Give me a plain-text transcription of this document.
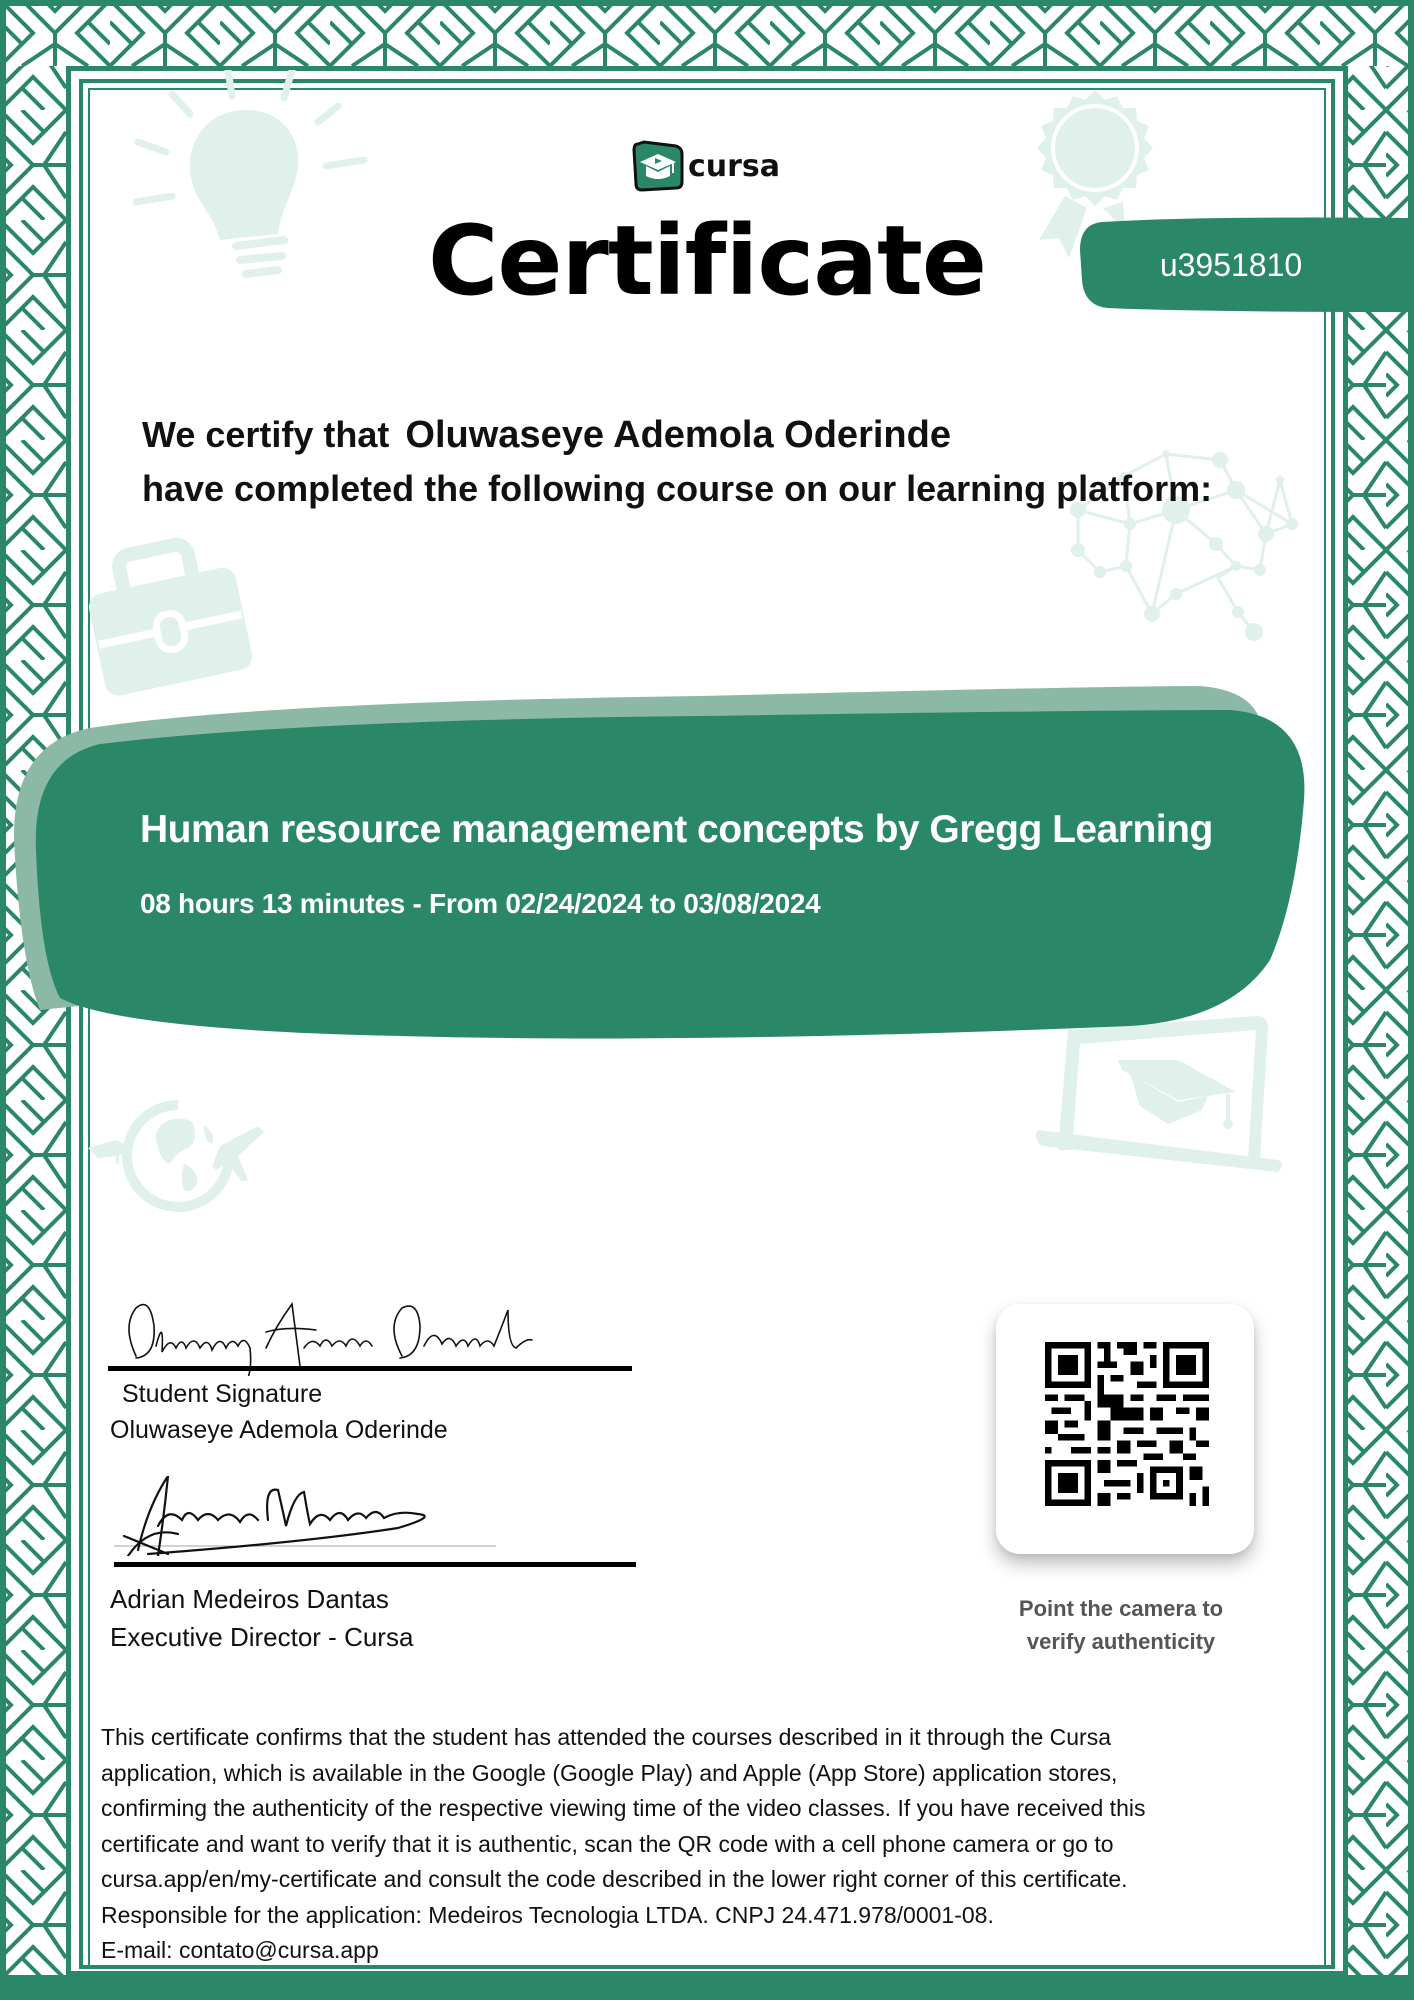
cursa
Certificate	u3951810
We certify that Oluwaseye Ademola Oderinde
have completed the following course on our learning platform:
Human resource management concepts by Gregg Learning
08 hours 13 minutes - From 02/24/2024 to 03/08/2024
Student Signature
Oluwaseye Ademola Oderinde
Adrian Medeiros Dantas
Executive Director - Cursa
Point the camera to
verify authenticity

This certificate confirms that the student has attended the courses described in it through the Cursa

application, which is available in the Google (Google Play) and Apple (App Store) application stores,

confirming the authenticity of the respective viewing time of the video classes. If you have received this

certificate and want to verify that it is authentic, scan the QR code with a cell phone camera or go to

cursa.app/en/my-certificate and consult the code described in the lower right corner of this certificate.

Responsible for the application: Medeiros Tecnologia LTDA. CNPJ 24.471.978/0001-08.

E-mail: contato@cursa.app
